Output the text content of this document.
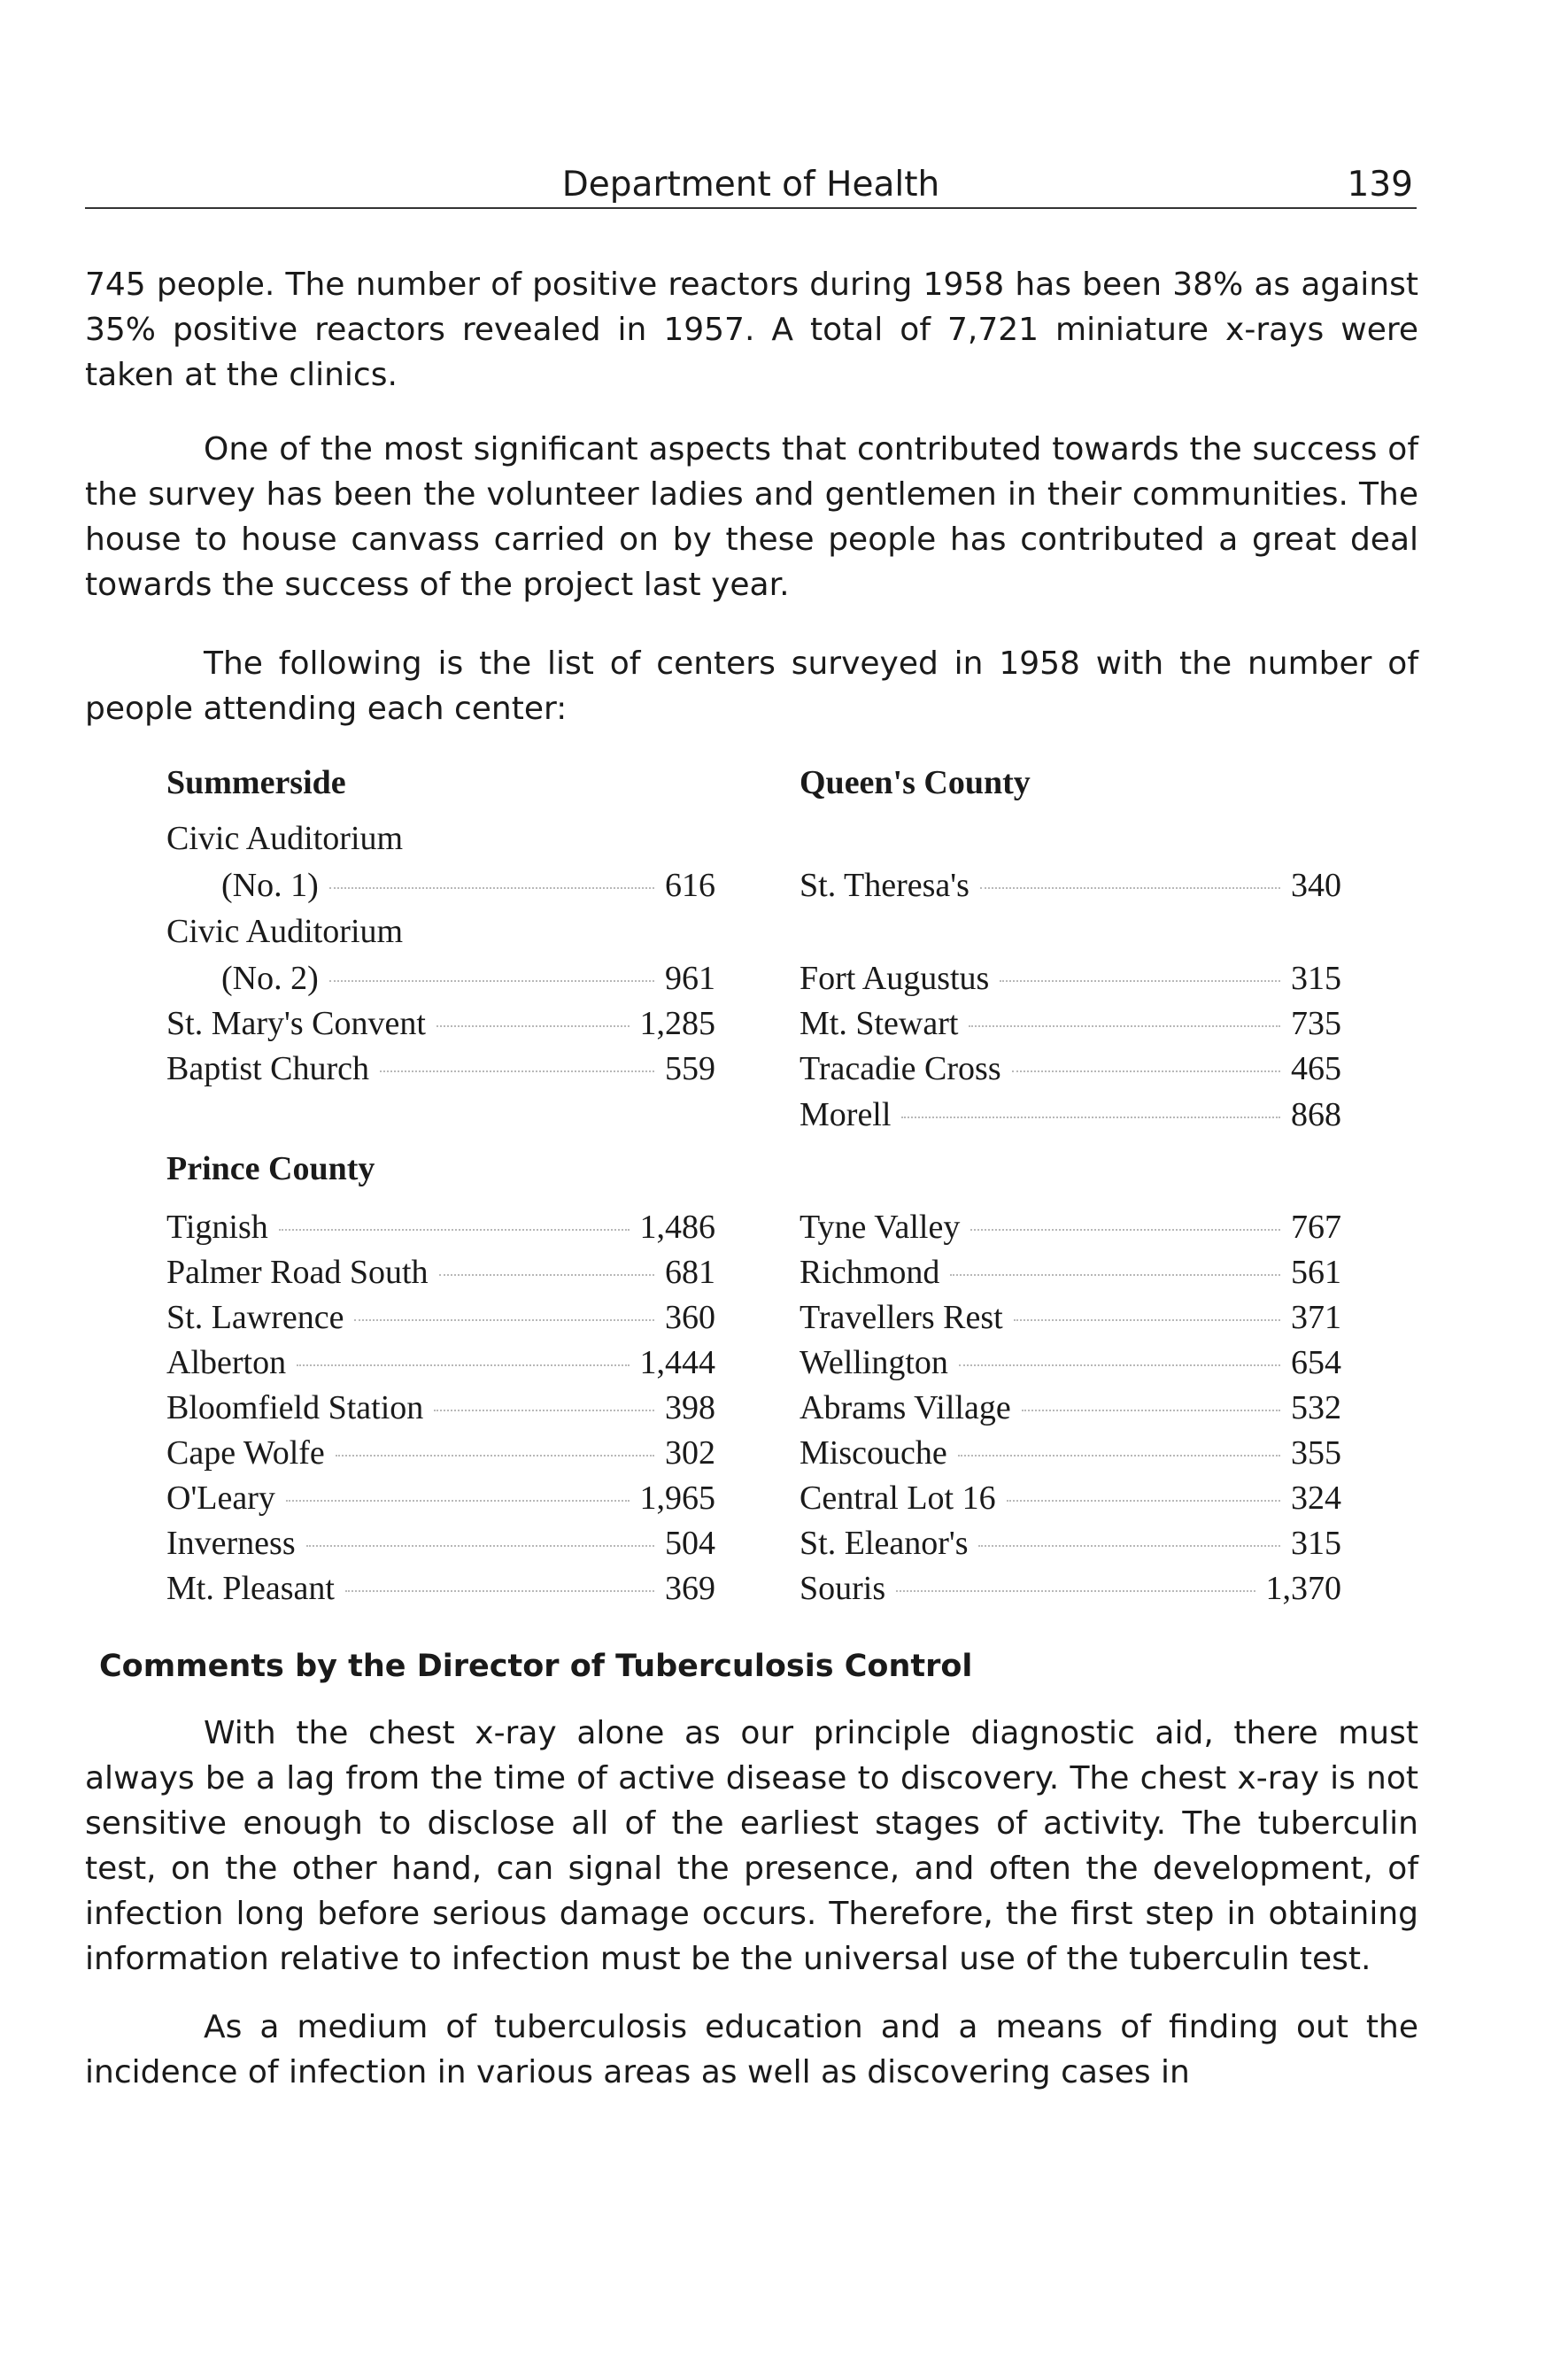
Department of Health	139

745 people. The number of positive reactors during 1958 has been 38% as against 35% positive reactors revealed in 1957. A total of 7,721 miniature x-rays were taken at the clinics.

One of the most significant aspects that contributed towards the success of the survey has been the volunteer ladies and gentlemen in their communities. The house to house canvass carried on by these people has contributed a great deal towards the success of the project last year.

The following is the list of centers surveyed in 1958 with the number of people attending each center:

Summerside	Queen's County
Civic Auditorium
(No. 1)	616
Civic Auditorium
(No. 2)	961
St. Mary's Convent	1,285
Baptist Church	559
St. Theresa's	340
Fort Augustus	315
Mt. Stewart	735
Tracadie Cross	465
Morell	868
Prince County
Tignish	1,486
Palmer Road South	681
St. Lawrence	360
Alberton	1,444
Bloomfield Station	398
Cape Wolfe	302
O'Leary	1,965
Inverness	504
Mt. Pleasant	369
Tyne Valley	767
Richmond	561
Travellers Rest	371
Wellington	654
Abrams Village	532
Miscouche	355
Central Lot 16	324
St. Eleanor's	315
Souris	1,370
Comments by the Director of Tuberculosis Control

With the chest x-ray alone as our principle diagnostic aid, there must always be a lag from the time of active disease to discovery. The chest x-ray is not sensitive enough to disclose all of the earliest stages of activity. The tuberculin test, on the other hand, can signal the presence, and often the development, of infection long before serious damage occurs. Therefore, the first step in obtaining information relative to infection must be the universal use of the tuberculin test.

As a medium of tuberculosis education and a means of finding out the incidence of infection in various areas as well as discovering cases in
